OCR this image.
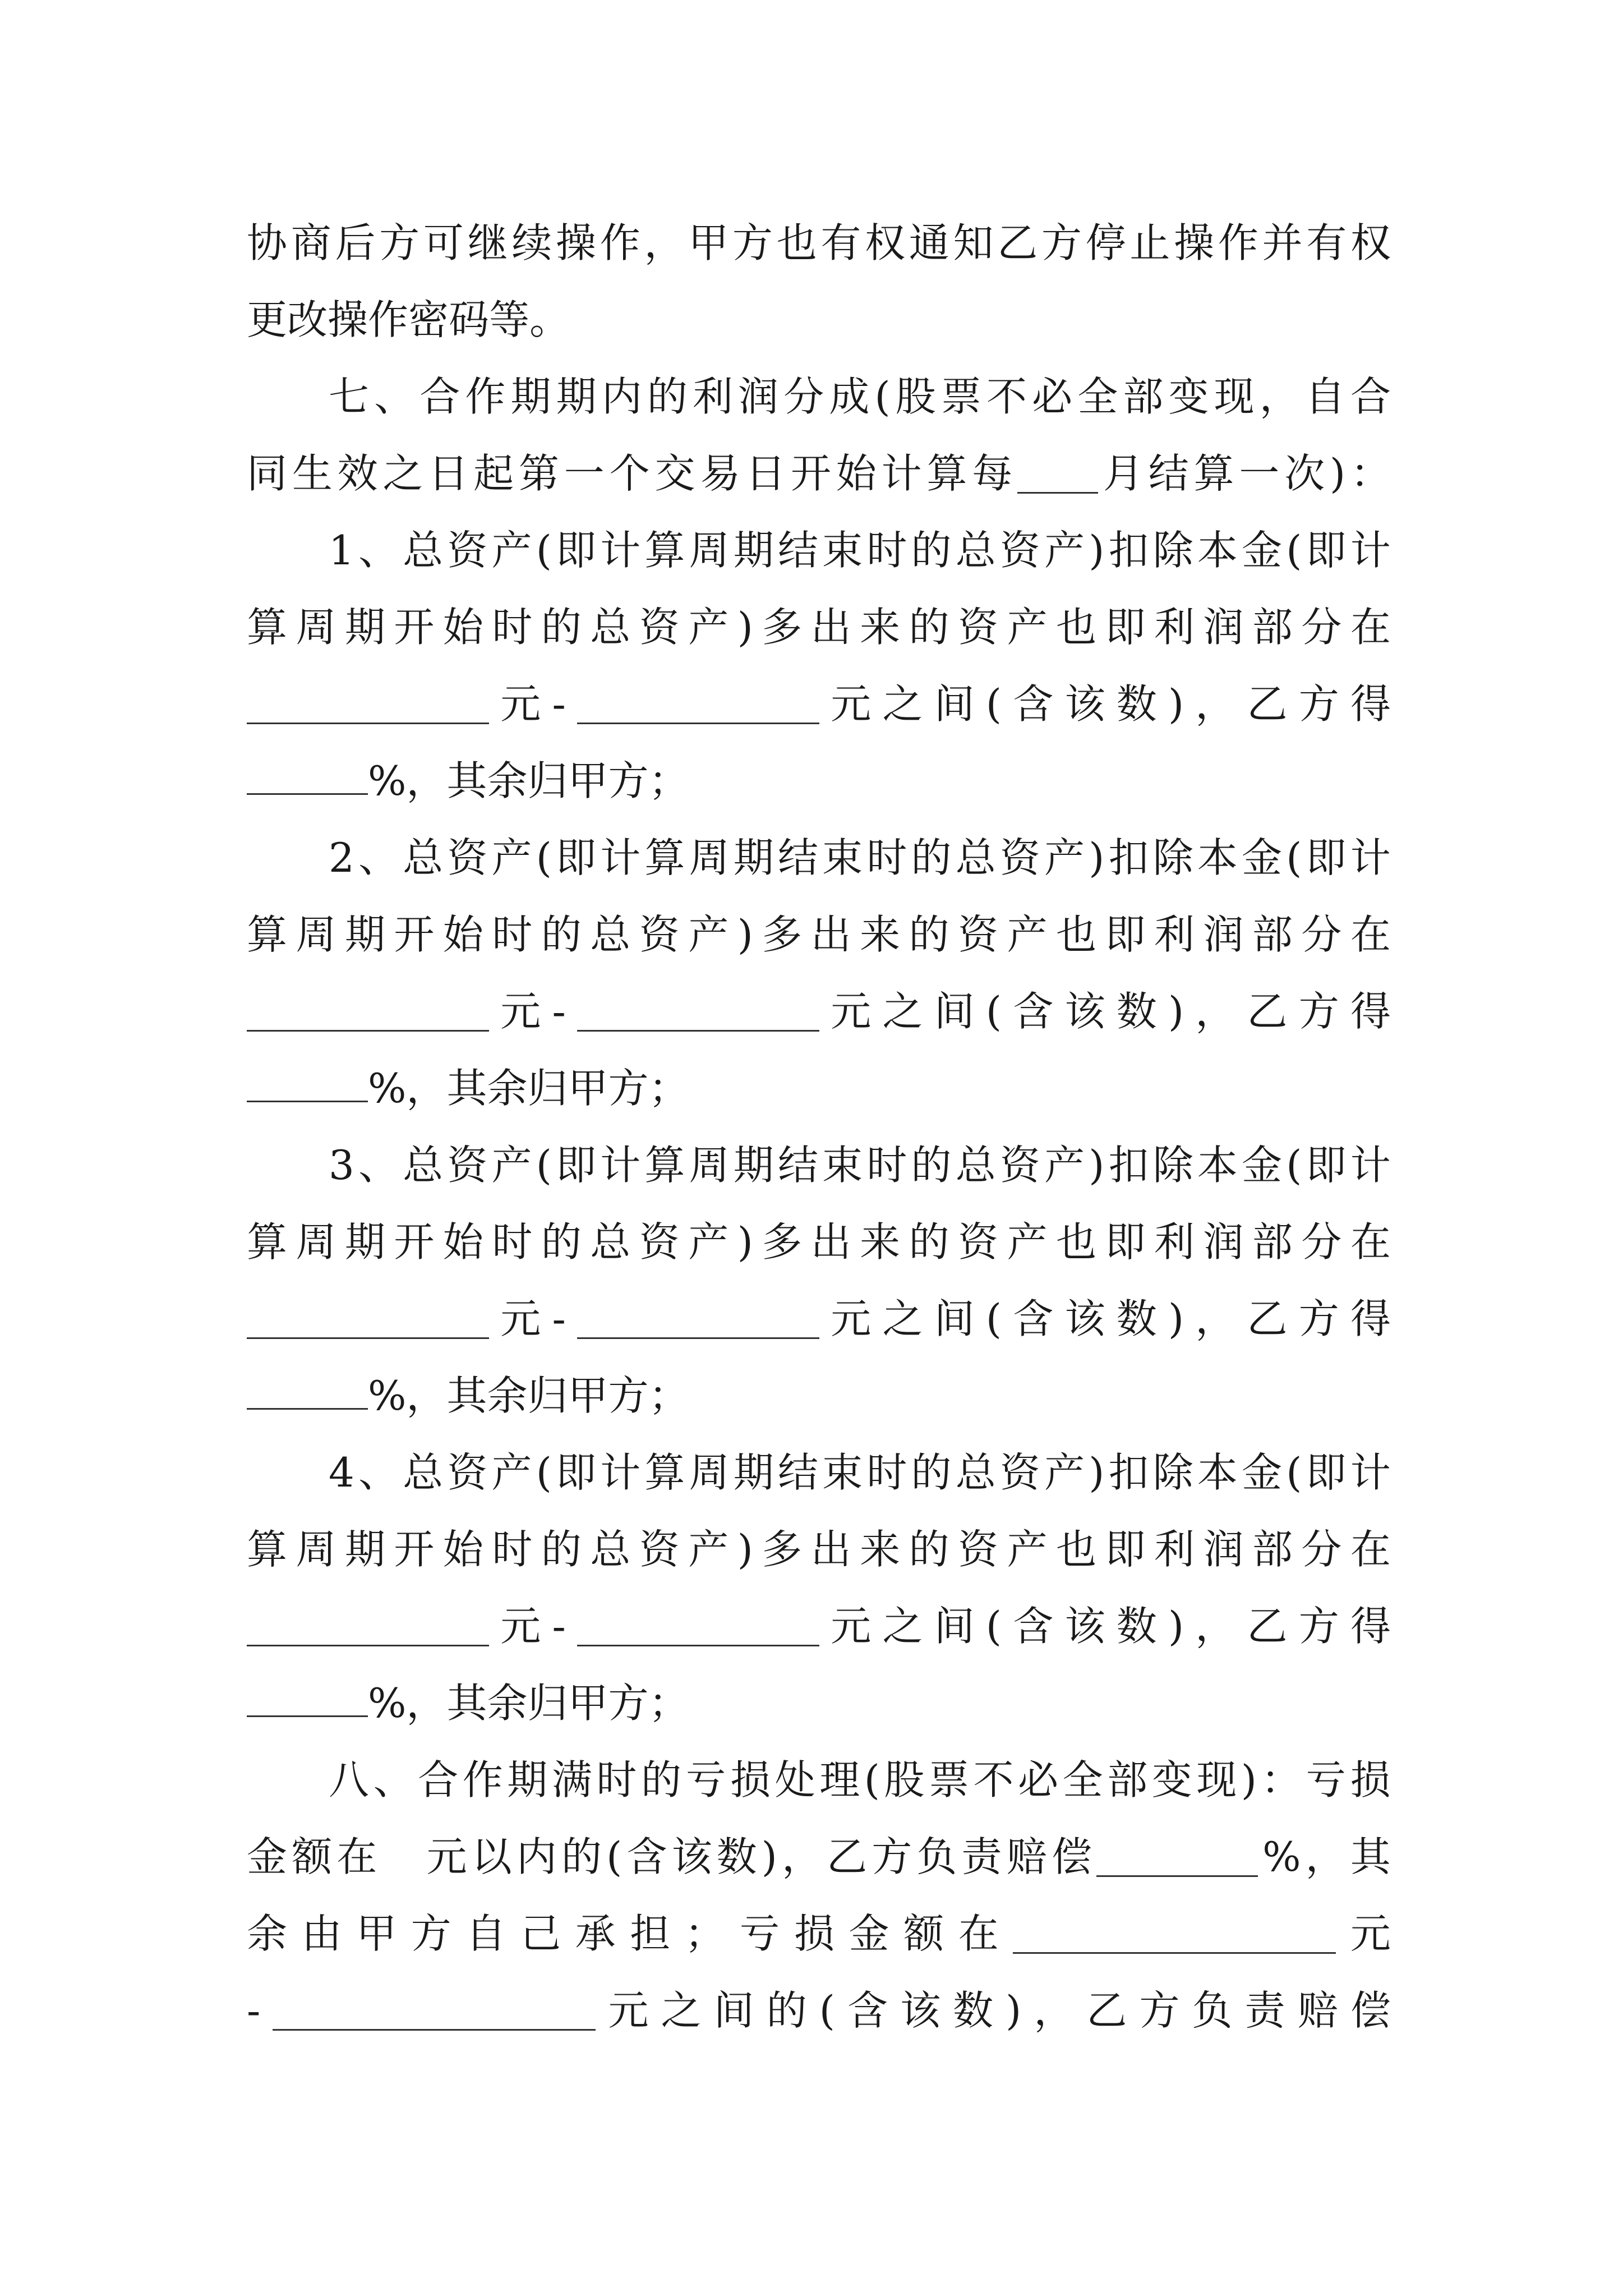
协 商 后 方 可 继 续 操 作 ， 甲 方 也 有 权 通 知 乙 方 停 止 操 作 并 有 权
更改操作密码等。
七 、 合 作 期 期 内 的 利 润 分 成 ( 股 票 不 必 全 部 变 现 ， 自 合
同 生 效 之 日 起 第 一 个 交 易 日 开 始 计 算 每 月 结 算 一 次 ) ：
1 、 总 资 产 ( 即 计 算 周 期 结 束 时 的 总 资 产 ) 扣 除 本 金 ( 即 计
算 周 期 开 始 时 的 总 资 产 ) 多 出 来 的 资 产 也 即 利 润 部 分 在
元 -	元 之 间 ( 含 该 数 ) ， 乙 方 得
%，其余归甲方；
2 、 总 资 产 ( 即 计 算 周 期 结 束 时 的 总 资 产 ) 扣 除 本 金 ( 即 计
算 周 期 开 始 时 的 总 资 产 ) 多 出 来 的 资 产 也 即 利 润 部 分 在
元 -	元 之 间 ( 含 该 数 ) ， 乙 方 得
%，其余归甲方；
3 、 总 资 产 ( 即 计 算 周 期 结 束 时 的 总 资 产 ) 扣 除 本 金 ( 即 计
算 周 期 开 始 时 的 总 资 产 ) 多 出 来 的 资 产 也 即 利 润 部 分 在
元 -	元 之 间 ( 含 该 数 ) ， 乙 方 得
%，其余归甲方；
4 、 总 资 产 ( 即 计 算 周 期 结 束 时 的 总 资 产 ) 扣 除 本 金 ( 即 计
算 周 期 开 始 时 的 总 资 产 ) 多 出 来 的 资 产 也 即 利 润 部 分 在
元 -	元 之 间 ( 含 该 数 ) ， 乙 方 得
%，其余归甲方；
八 、 合 作 期 满 时 的 亏 损 处 理 ( 股 票 不 必 全 部 变 现 ) ： 亏 损
金 额 在
　 元 以 内 的 ( 含 该 数 ) ， 乙 方 负 责 赔 偿	% ， 其
余 由 甲 方 自 己 承 担 ； 亏 损 金 额 在	元
-	元 之 间 的 ( 含 该 数 ) ， 乙 方 负 责 赔 偿
